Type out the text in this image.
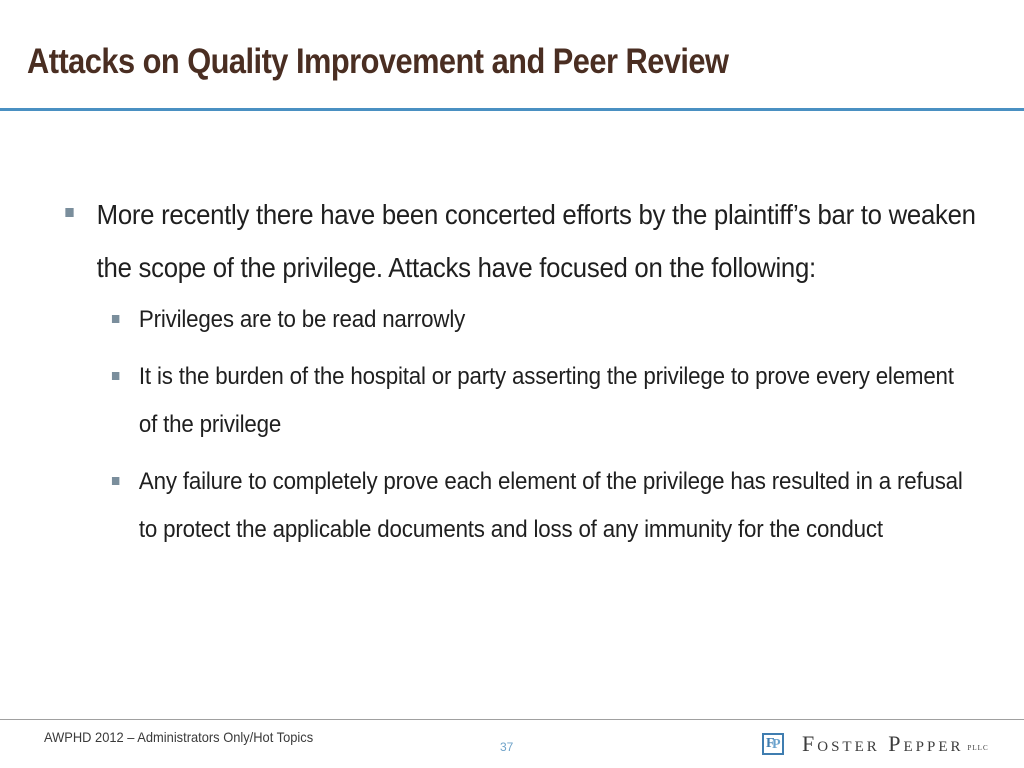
Attacks on Quality Improvement and Peer Review
More recently there have been concerted efforts by the plaintiff’s bar to weaken the scope of the privilege. Attacks have focused on the following:
Privileges are to be read narrowly
It is the burden of the hospital or party asserting the privilege to prove every element of the privilege
Any failure to completely prove each element of the privilege has resulted in a refusal to protect the applicable documents and loss of any immunity for the conduct
AWPHD 2012 – Administrators Only/Hot Topics
37	F
P Foster Pepper PLLC
